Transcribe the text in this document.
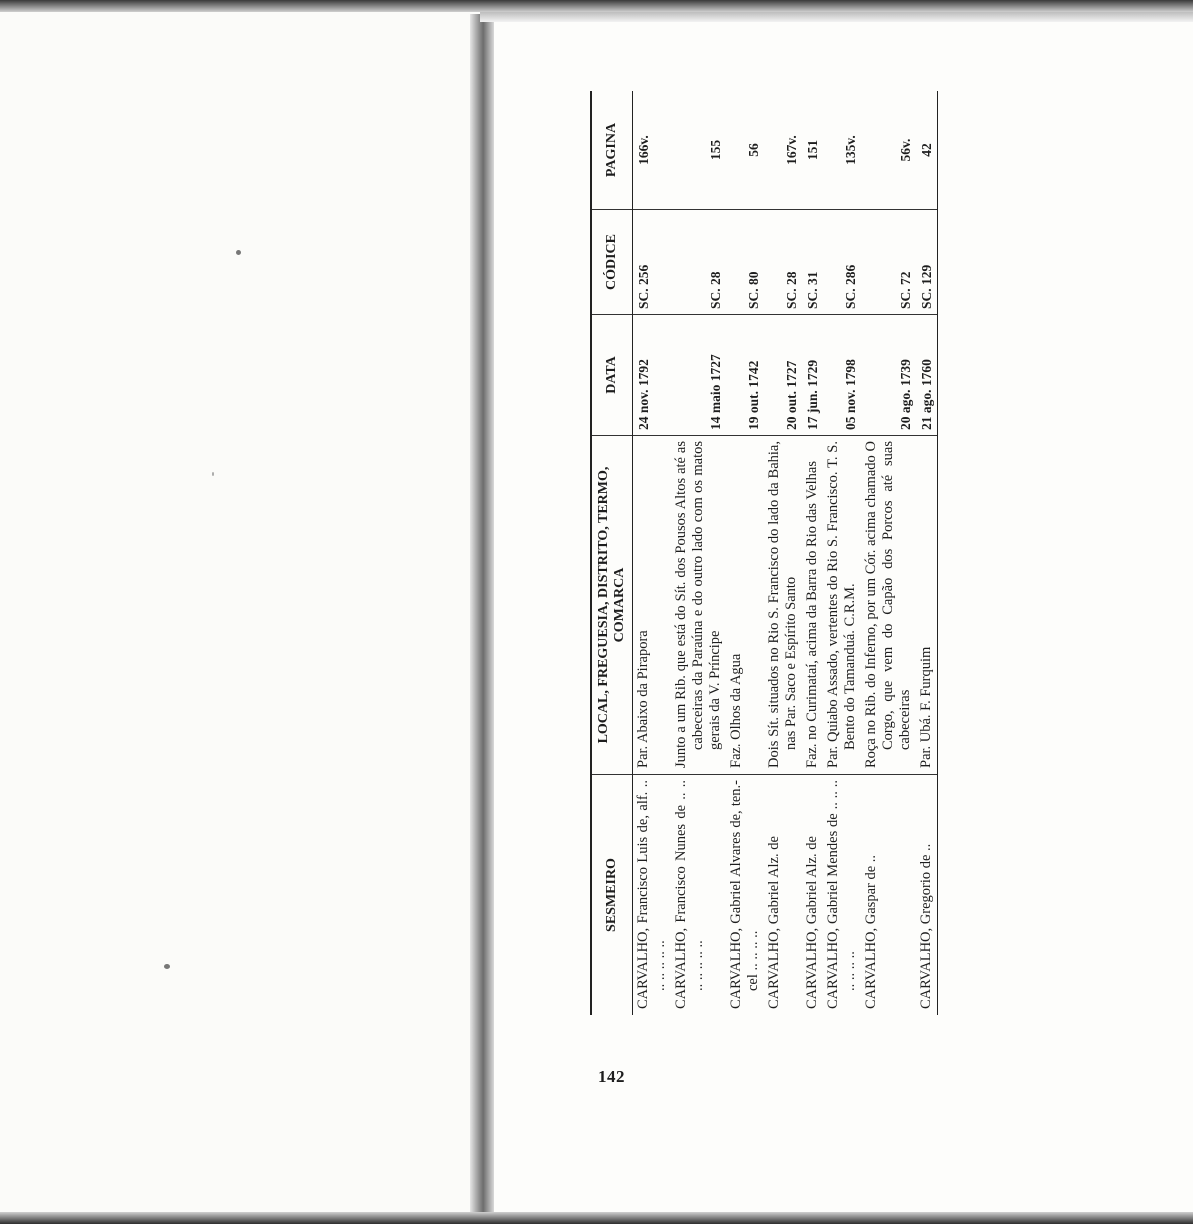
142
SESMEIRO	LOCAL, FREGUESIA, DISTRITO, TERMO, COMARCA	DATA	CÓDICE	PAGINA
CARVALHO, Francisco Luis de, alf. .. .. .. .. .. ..	Par. Abaixo da Pirapora	24 nov. 1792	SC. 256	166v.
CARVALHO, Francisco Nunes de .. .. .. .. .. .. ..	Junto a um Rib. que está do Sít. dos Pousos Altos até as cabeceiras da Paraúna e do outro lado com os matos gerais da V. Príncipe	14 maio 1727	SC. 28	155
CARVALHO, Gabriel Alvares de, ten.-cel .. .. .. ..	Faz. Olhos da Agua	19 out. 1742	SC. 80	56
CARVALHO, Gabriel Alz. de	Dois Sít. situados no Rio S. Francisco do lado da Bahia, nas Par. Saco e Espírito Santo	20 out. 1727	SC. 28	167v.
CARVALHO, Gabriel Alz. de	Faz. no Curimataí, acima da Barra do Rio das Velhas	17 jun. 1729	SC. 31	151
CARVALHO, Gabriel Mendes de .. .. .. .. .. .. ..	Par. Quiabo Assado, vertentes do Rio S. Francisco. T. S. Bento do Tamanduá. C.R.M.	05 nov. 1798	SC. 286	135v.
CARVALHO, Gaspar de ..	Roça no Rib. do Inferno, por um Cór. acima chamado O Corgo, que vem do Capão dos Porcos até suas cabeceiras	20 ago. 1739	SC. 72	56v.
CARVALHO, Gregorio de ..	Par. Ubá. F. Furquim	21 ago. 1760	SC. 129	42
